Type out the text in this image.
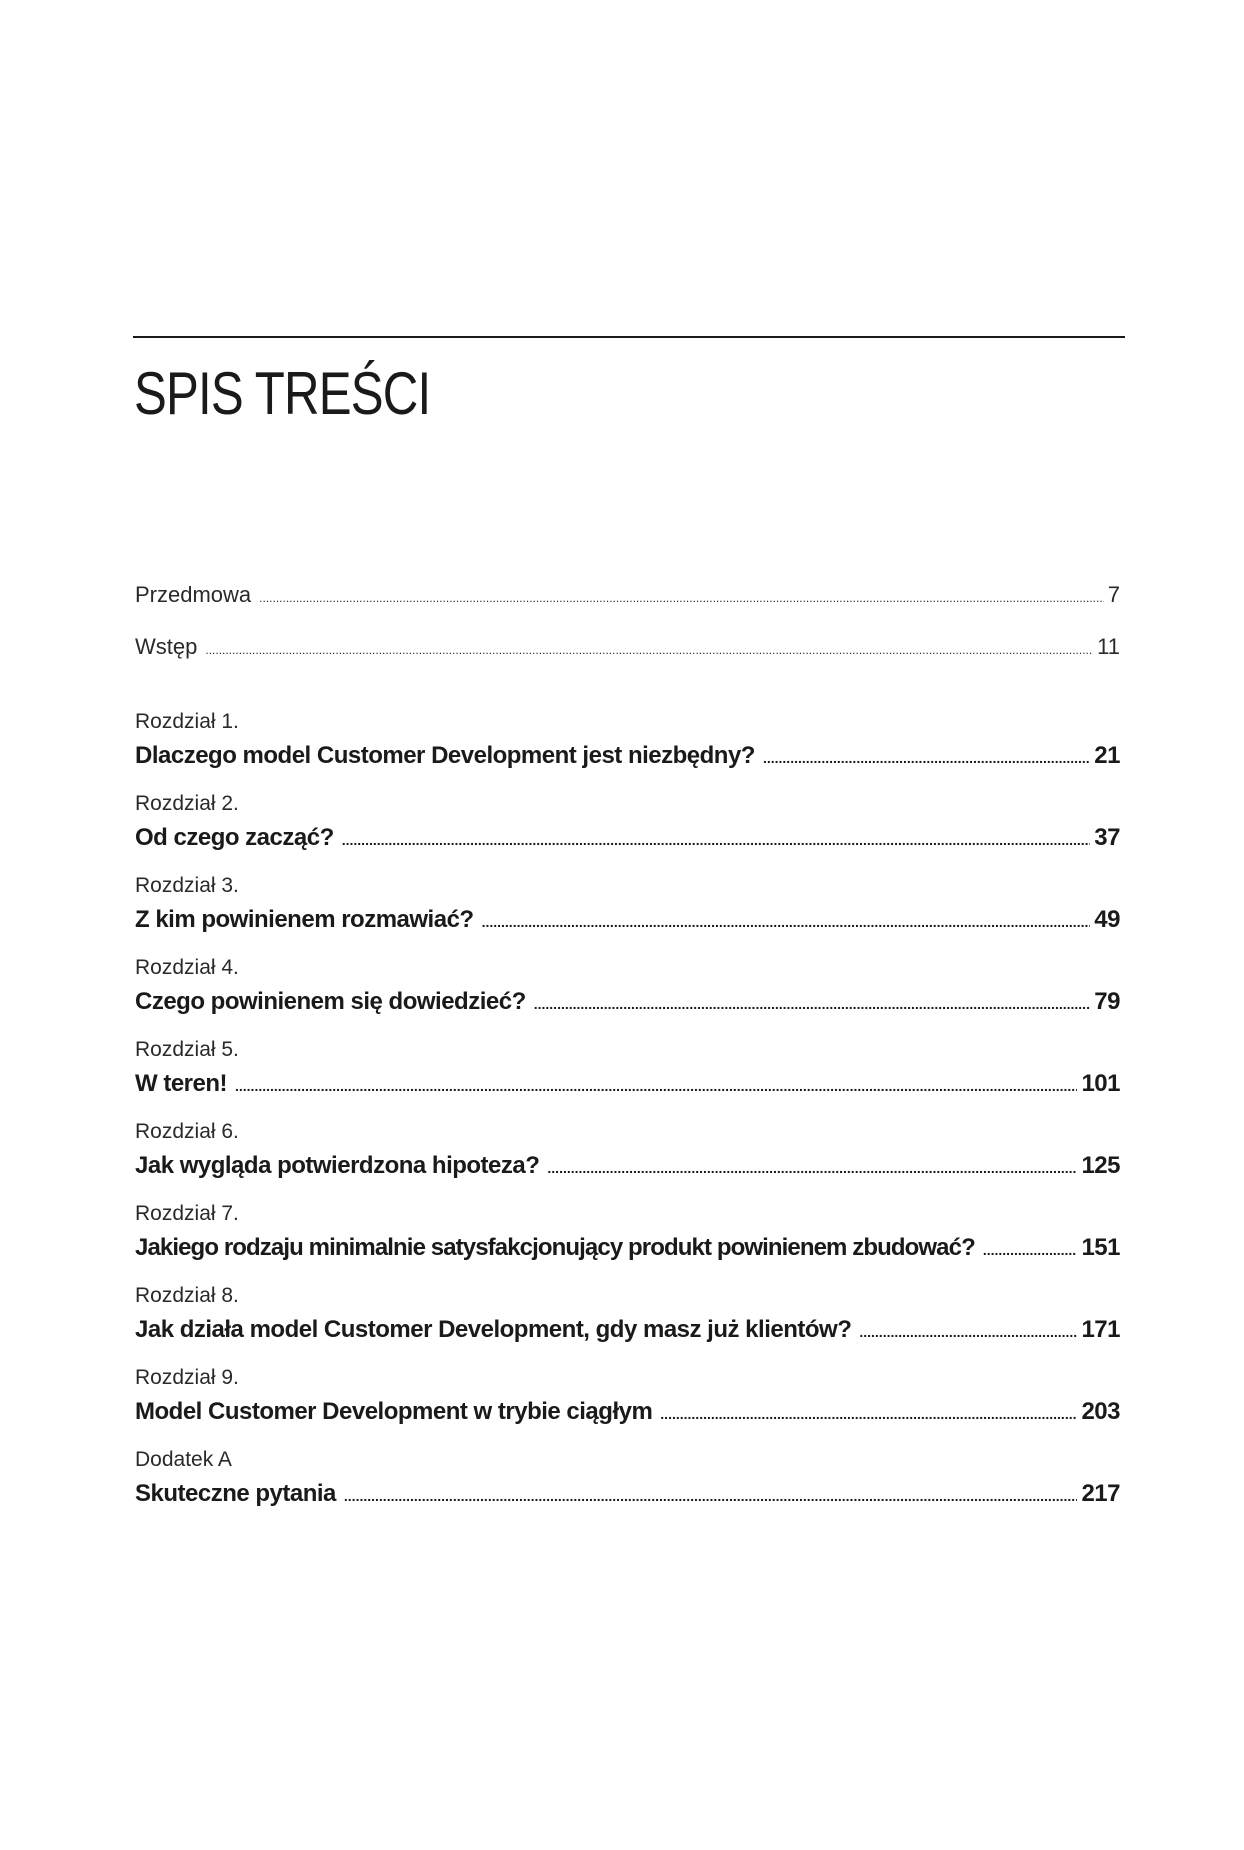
SPIS TREŚCI
Przedmowa .....	7
Wstęp .....	11
Rozdział 1.
Dlaczego model Customer Development jest niezbędny? .....	21
Rozdział 2.
Od czego zacząć? .....	37
Rozdział 3.
Z kim powinienem rozmawiać? .....	49
Rozdział 4.
Czego powinienem się dowiedzieć? .....	79
Rozdział 5.
W teren! .....	101
Rozdział 6.
Jak wygląda potwierdzona hipoteza? .....	125
Rozdział 7.
Jakiego rodzaju minimalnie satysfakcjonujący produkt powinienem zbudować? .....	151
Rozdział 8.
Jak działa model Customer Development, gdy masz już klientów? .....	171
Rozdział 9.
Model Customer Development w trybie ciągłym .....	203
Dodatek A
Skuteczne pytania .....	217
